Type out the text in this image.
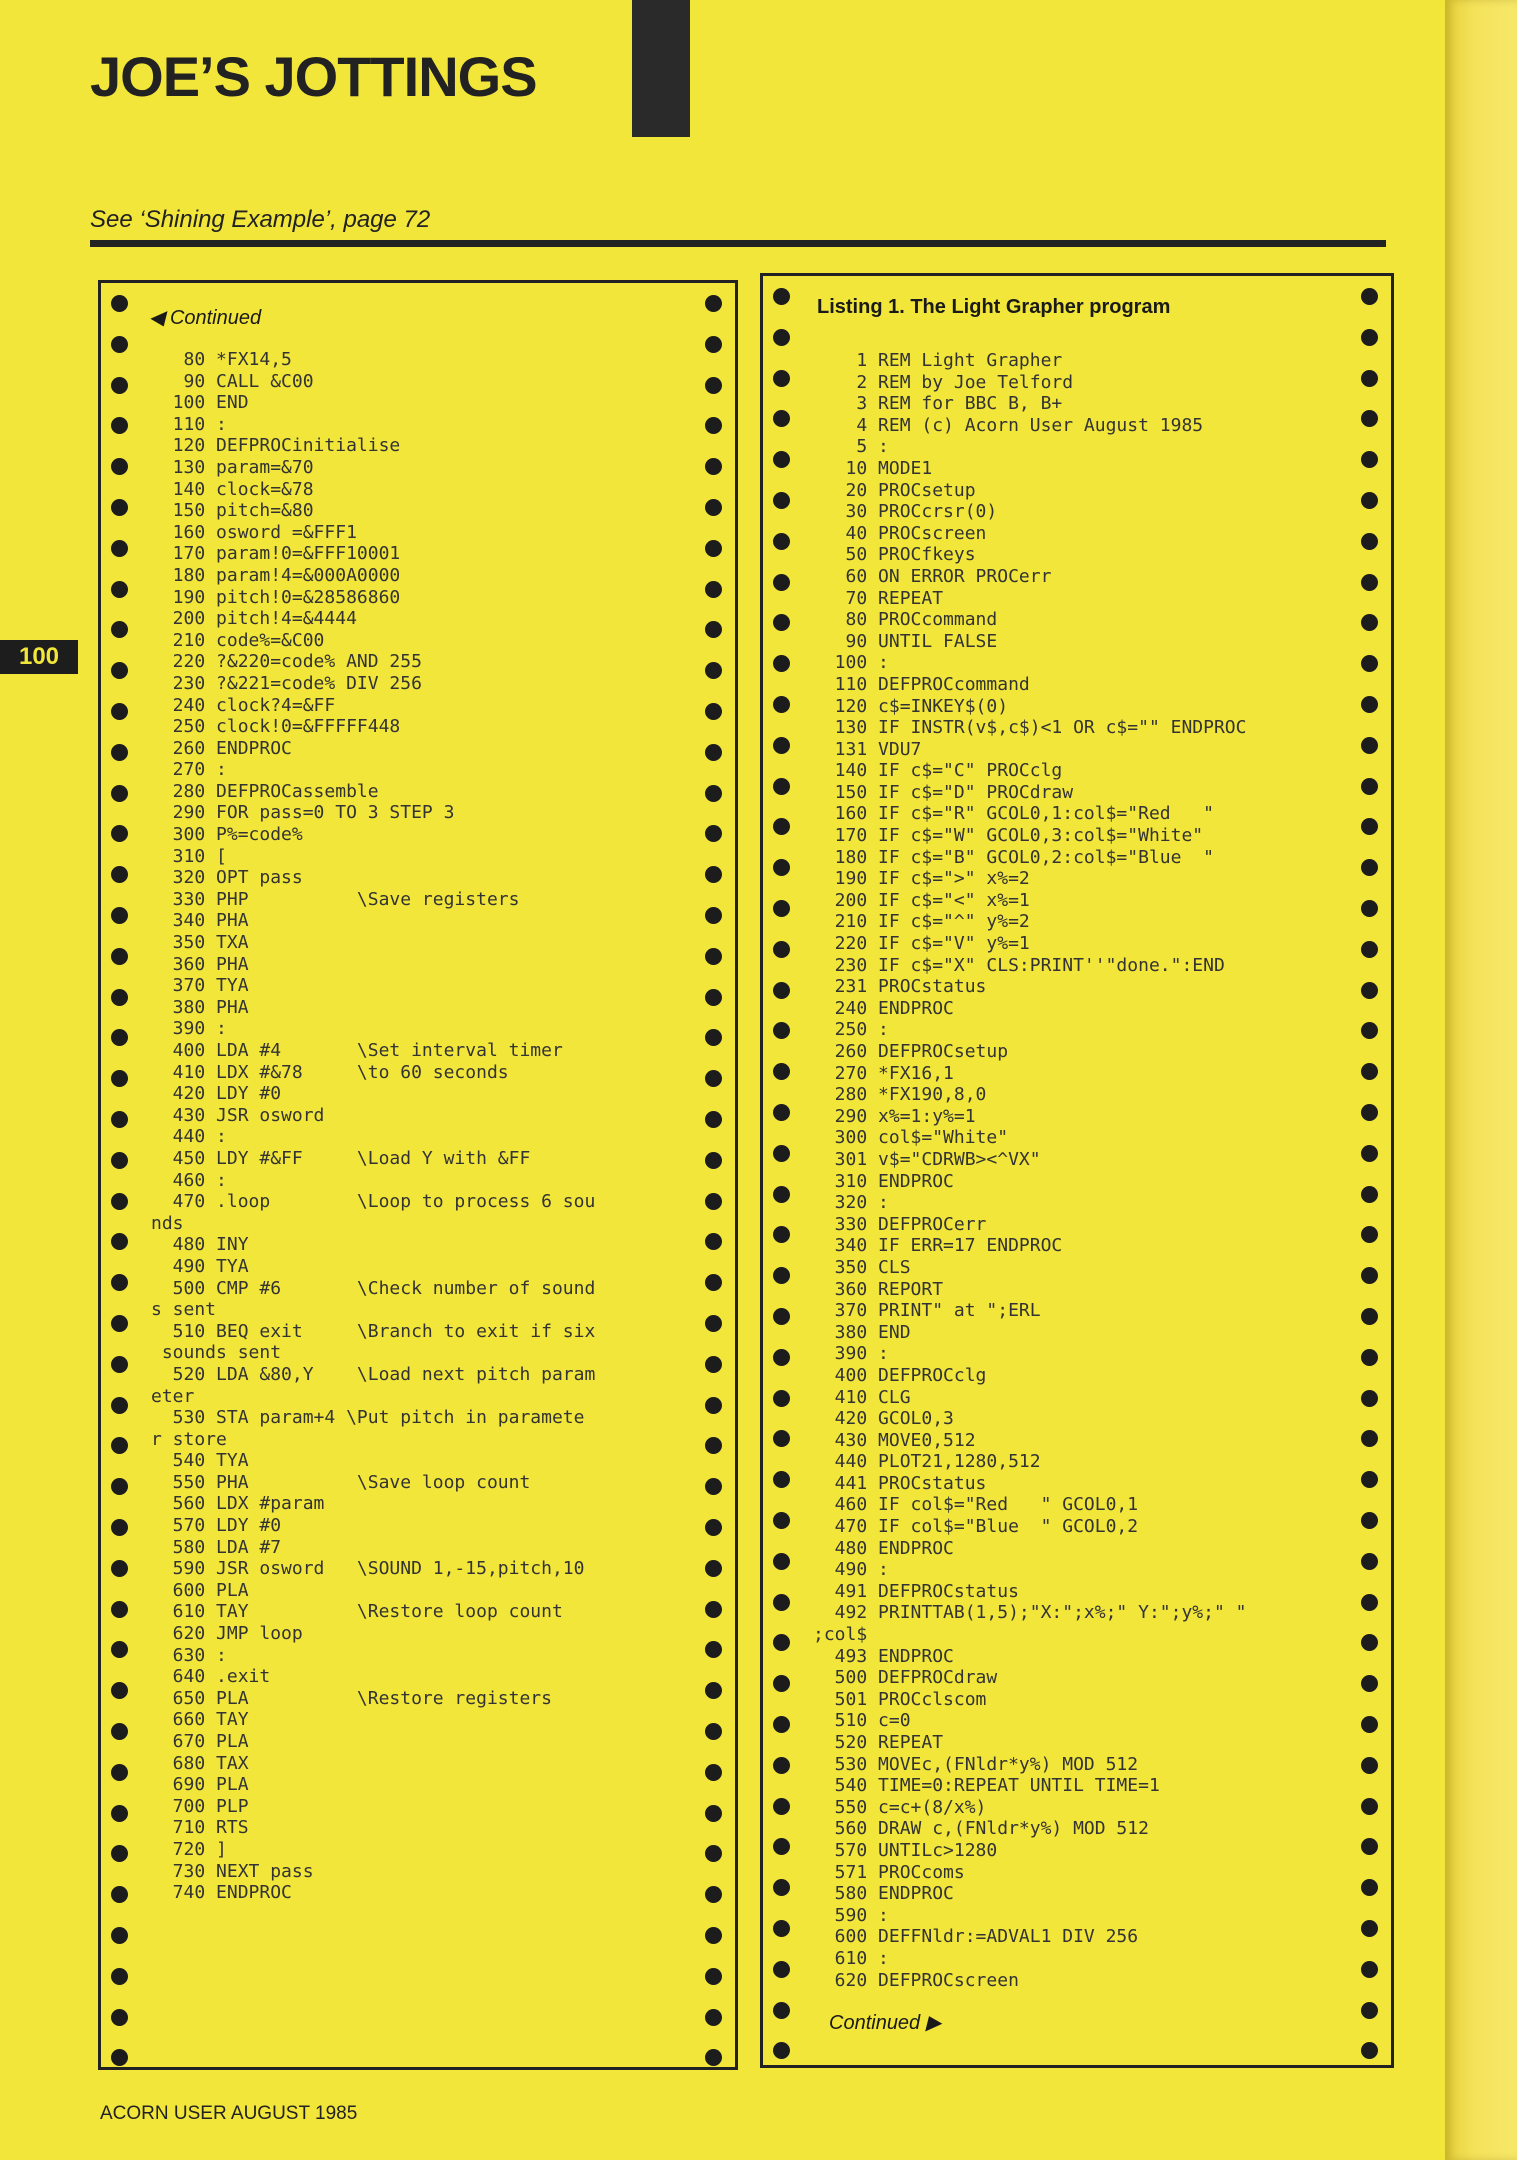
JOE’S JOTTINGS
See ‘Shining Example’, page 72
100
◀ Continued
80 *FX14,5
90 CALL &C00
100 END
110 :
120 DEFPROCinitialise
130 param=&70
140 clock=&78
150 pitch=&80
160 osword =&FFF1
170 param!0=&FFF10001
180 param!4=&000A0000
190 pitch!0=&28586860
200 pitch!4=&4444
210 code%=&C00
220 ?&220=code% AND 255
230 ?&221=code% DIV 256
240 clock?4=&FF
250 clock!0=&FFFFF448
260 ENDPROC
270 :
280 DEFPROCassemble
290 FOR pass=0 TO 3 STEP 3
300 P%=code%
310 [
320 OPT pass
330 PHP          \Save registers
340 PHA
350 TXA
360 PHA
370 TYA
380 PHA
390 :
400 LDA #4       \Set interval timer
410 LDX #&78     \to 60 seconds
420 LDY #0
430 JSR osword
440 :
450 LDY #&FF     \Load Y with &FF
460 :
470 .loop        \Loop to process 6 sou
nds
480 INY
490 TYA
500 CMP #6       \Check number of sound
s sent
510 BEQ exit     \Branch to exit if six
sounds sent
520 LDA &80,Y    \Load next pitch param
eter
530 STA param+4 \Put pitch in paramete
r store
540 TYA
550 PHA          \Save loop count
560 LDX #param
570 LDY #0
580 LDA #7
590 JSR osword   \SOUND 1,-15,pitch,10
600 PLA
610 TAY          \Restore loop count
620 JMP loop
630 :
640 .exit
650 PLA          \Restore registers
660 TAY
670 PLA
680 TAX
690 PLA
700 PLP
710 RTS
720 ]
730 NEXT pass
740 ENDPROC
Listing 1. The Light Grapher program
1 REM Light Grapher
2 REM by Joe Telford
3 REM for BBC B, B+
4 REM (c) Acorn User August 1985
5 :
10 MODE1
20 PROCsetup
30 PROCcrsr(0)
40 PROCscreen
50 PROCfkeys
60 ON ERROR PROCerr
70 REPEAT
80 PROCcommand
90 UNTIL FALSE
100 :
110 DEFPROCcommand
120 c$=INKEY$(0)
130 IF INSTR(v$,c$)<1 OR c$="" ENDPROC
131 VDU7
140 IF c$="C" PROCclg
150 IF c$="D" PROCdraw
160 IF c$="R" GCOL0,1:col$="Red   "
170 IF c$="W" GCOL0,3:col$="White"
180 IF c$="B" GCOL0,2:col$="Blue  "
190 IF c$=">" x%=2
200 IF c$="<" x%=1
210 IF c$="^" y%=2
220 IF c$="V" y%=1
230 IF c$="X" CLS:PRINT''"done.":END
231 PROCstatus
240 ENDPROC
250 :
260 DEFPROCsetup
270 *FX16,1
280 *FX190,8,0
290 x%=1:y%=1
300 col$="White"
301 v$="CDRWB><^VX"
310 ENDPROC
320 :
330 DEFPROCerr
340 IF ERR=17 ENDPROC
350 CLS
360 REPORT
370 PRINT" at ";ERL
380 END
390 :
400 DEFPROCclg
410 CLG
420 GCOL0,3
430 MOVE0,512
440 PLOT21,1280,512
441 PROCstatus
460 IF col$="Red   " GCOL0,1
470 IF col$="Blue  " GCOL0,2
480 ENDPROC
490 :
491 DEFPROCstatus
492 PRINTTAB(1,5);"X:";x%;" Y:";y%;" "
;col$
493 ENDPROC
500 DEFPROCdraw
501 PROCclscom
510 c=0
520 REPEAT
530 MOVEc,(FNldr*y%) MOD 512
540 TIME=0:REPEAT UNTIL TIME=1
550 c=c+(8/x%)
560 DRAW c,(FNldr*y%) MOD 512
570 UNTILc>1280
571 PROCcoms
580 ENDPROC
590 :
600 DEFFNldr:=ADVAL1 DIV 256
610 :
620 DEFPROCscreen
Continued ▶
ACORN USER AUGUST 1985
